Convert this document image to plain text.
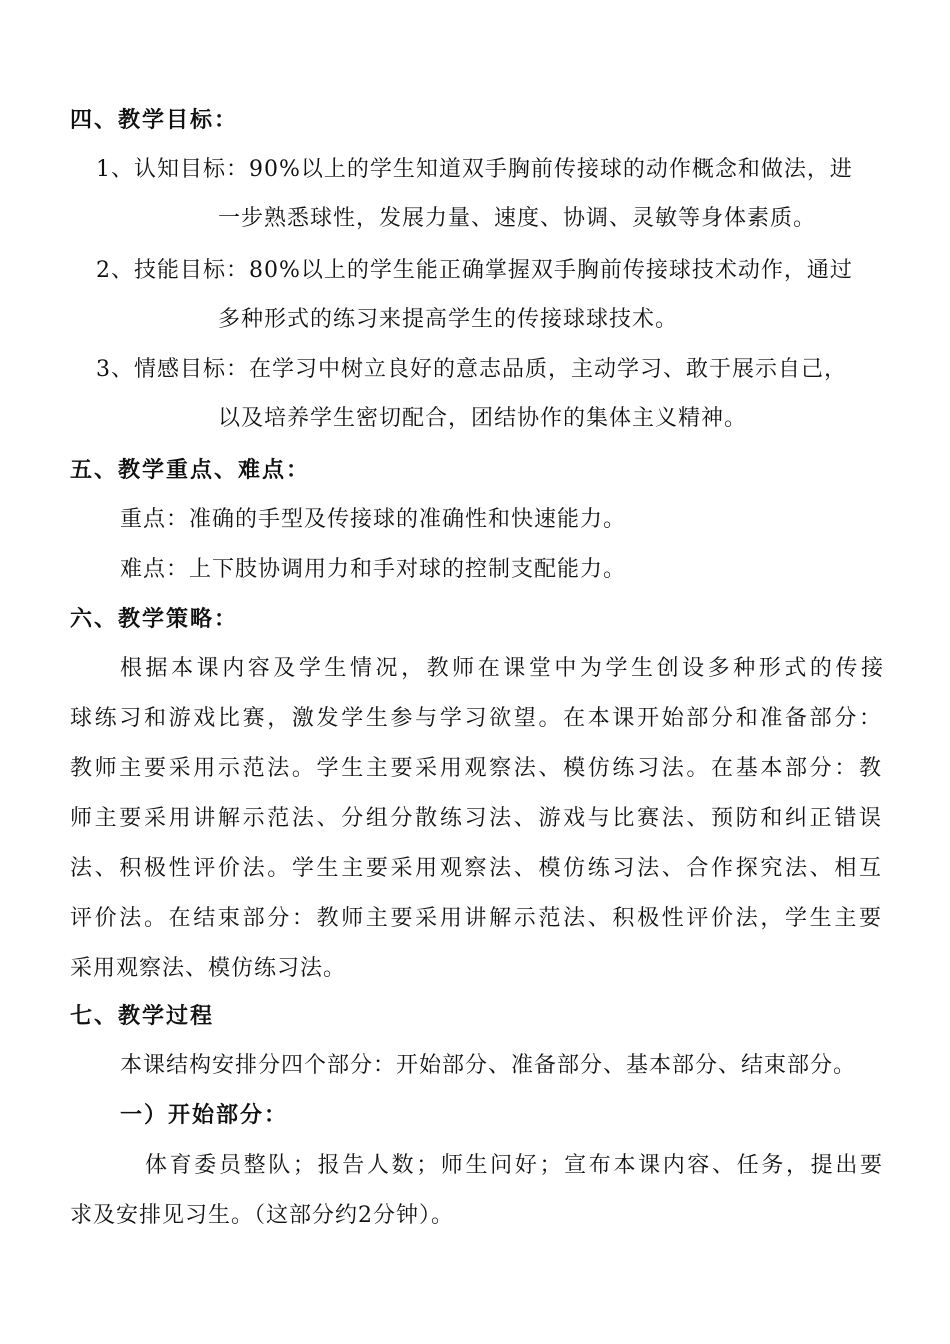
四、教学目标：
1、认知目标：90%以上的学生知道双手胸前传接球的动作概念和做法，进
一步熟悉球性，发展力量、速度、协调、灵敏等身体素质。
2、技能目标：80%以上的学生能正确掌握双手胸前传接球技术动作，通过
多种形式的练习来提高学生的传接球球技术。
3、情感目标：在学习中树立良好的意志品质，主动学习、敢于展示自己，
以及培养学生密切配合，团结协作的集体主义精神。
五、教学重点、难点：
重点：准确的手型及传接球的准确性和快速能力。
难点：上下肢协调用力和手对球的控制支配能力。
六、教学策略：
根据本课内容及学生情况，教师在课堂中为学生创设多种形式的传接
球练习和游戏比赛，激发学生参与学习欲望。在本课开始部分和准备部分：
教师主要采用示范法。学生主要采用观察法、模仿练习法。在基本部分：教
师主要采用讲解示范法、分组分散练习法、游戏与比赛法、预防和纠正错误
法、积极性评价法。学生主要采用观察法、模仿练习法、合作探究法、相互
评价法。在结束部分：教师主要采用讲解示范法、积极性评价法，学生主要
采用观察法、模仿练习法。
七、教学过程
本课结构安排分四个部分：开始部分、准备部分、基本部分、结束部分。
一）开始部分：
体育委员整队；报告人数；师生问好；宣布本课内容、任务，提出要
求及安排见习生。（这部分约2分钟）。
